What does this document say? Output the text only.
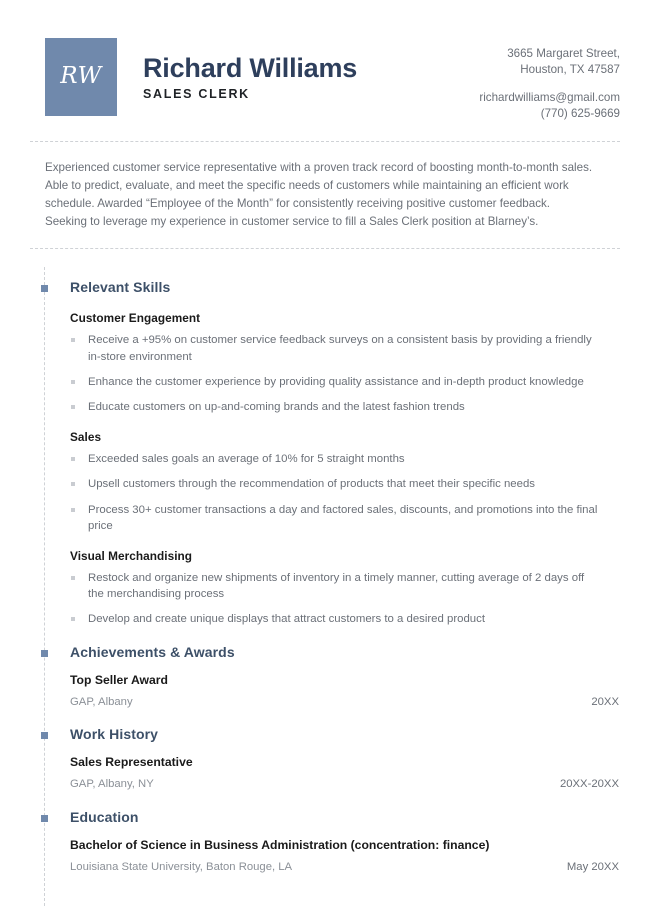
RW Richard Williams
SALES CLERK
3665 Margaret Street,
Houston, TX 47587
richardwilliams@gmail.com
(770) 625-9669
Experienced customer service representative with a proven track record of boosting month-to-month sales. Able to predict, evaluate, and meet the specific needs of customers while maintaining an efficient work schedule. Awarded “Employee of the Month” for consistently receiving positive customer feedback. Seeking to leverage my experience in customer service to fill a Sales Clerk position at Blarney’s.
Relevant Skills
Customer Engagement
Receive a +95% on customer service feedback surveys on a consistent basis by providing a friendly in-store environment
Enhance the customer experience by providing quality assistance and in-depth product knowledge
Educate customers on up-and-coming brands and the latest fashion trends
Sales
Exceeded sales goals an average of 10% for 5 straight months
Upsell customers through the recommendation of products that meet their specific needs
Process 30+ customer transactions a day and factored sales, discounts, and promotions into the final price
Visual Merchandising
Restock and organize new shipments of inventory in a timely manner, cutting average of 2 days off the merchandising process
Develop and create unique displays that attract customers to a desired product
Achievements & Awards
Top Seller Award
GAP, Albany	20XX
Work History
Sales Representative
GAP, Albany, NY	20XX-20XX
Education
Bachelor of Science in Business Administration (concentration: finance)
Louisiana State University, Baton Rouge, LA	May 20XX
